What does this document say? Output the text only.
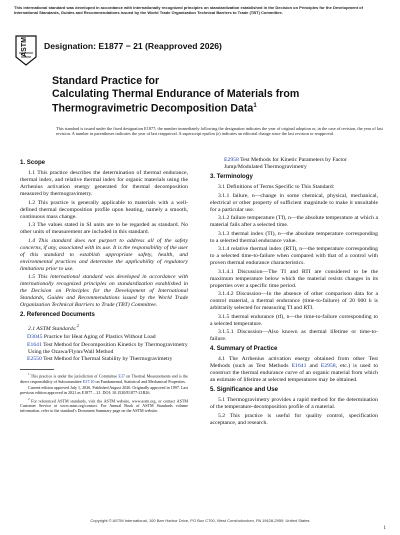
This international standard was developed in accordance with internationally recognized principles on standardization established in the Decision on Principles for the Development of International Standards, Guides and Recommendations issued by the World Trade Organization Technical Barriers to Trade (TBT) Committee.
ASTM Designation: E1877 − 21 (Reapproved 2026)
Standard Practice for
Calculating Thermal Endurance of Materials from
Thermogravimetric Decomposition Data$^1$
This standard is issued under the fixed designation E1877; the number immediately following the designation indicates the year of original adoption or, in the case of revision, the year of last revision. A number in parentheses indicates the year of last reapproval. A superscript epsilon (ε) indicates an editorial change since the last revision or reapproval.
1. Scope

1.1 This practice describes the determination of thermal endurance, thermal index, and relative thermal index for organic materials using the Arrhenius activation energy generated for thermal decomposition measured by thermogravimetry.

1.2 This practice is generally applicable to materials with a well-defined thermal decomposition profile upon heating, namely a smooth, continuous mass change.

1.3 The values stated in SI units are to be regarded as standard. No other units of measurement are included in this standard.

1.4 This standard does not purport to address all of the safety concerns, if any, associated with its use. It is the responsibility of the user of this standard to establish appropriate safety, health, and environmental practices and determine the applicability of regulatory limitations prior to use.

1.5 This international standard was developed in accordance with internationally recognized principles on standardization established in the Decision on Principles for the Development of International Standards, Guides and Recommendations issued by the World Trade Organization Technical Barriers to Trade (TBT) Committee.

2. Referenced Documents

2.1 ASTM Standards:$^2$

D3045 Practice for Heat Aging of Plastics Without Load

E1641 Test Method for Decomposition Kinetics by Thermogravimetry Using the Ozawa/Flynn/Wall Method

E2550 Test Method for Thermal Stability by Thermogravimetry

$^1$ This practice is under the jurisdiction of Committee E37 on Thermal Measurements and is the direct responsibility of Subcommittee E37.10 on Fundamental, Statistical and Mechanical Properties.

Current edition approved July 1, 2026. Published August 2026. Originally approved in 1997. Last previous edition approved in 2021 as E1877 – 21. DOI: 10.1520/E1877-21R26.

$^2$ For referenced ASTM standards, visit the ASTM website, www.astm.org, or contact ASTM Customer Service at www.astm.org/contact. For Annual Book of ASTM Standards volume information, refer to the standard's Document Summary page on the ASTM website.

E2958 Test Methods for Kinetic Parameters by Factor Jump/Modulated Thermogravimetry

3. Terminology

3.1 Definitions of Terms Specific to This Standard:

3.1.1 failure, n—change in some chemical, physical, mechanical, electrical or other property of sufficient magnitude to make it unsuitable for a particular use.

3.1.2 failure temperature (Tf), n—the absolute temperature at which a material fails after a selected time.

3.1.3 thermal index (TI), n—the absolute temperature corresponding to a selected thermal endurance value.

3.1.4 relative thermal index (RTI), n—the temperature corresponding to a selected time-to-failure when compared with that of a control with proven thermal endurance characteristics.

3.1.4.1 Discussion—The TI and RTI are considered to be the maximum temperature below which the material resists changes in its properties over a specific time period.

3.1.4.2 Discussion—In the absence of other comparison data for a control material, a thermal endurance (time-to-failure) of 20 000 h is arbitrarily selected for measuring TI and RTI.

3.1.5 thermal endurance (tf), n—the time-to-failure corresponding to a selected temperature.

3.1.5.1 Discussion—Also known as thermal lifetime or time-to-failure.

4. Summary of Practice

4.1 The Arrhenius activation energy obtained from other Test Methods (such as Test Methods E1641 and E2958, etc.) is used to construct the thermal endurance curve of an organic material from which an estimate of lifetime at selected temperatures may be obtained.

5. Significance and Use

5.1 Thermogravimetry provides a rapid method for the determination of the temperature-decomposition profile of a material.

5.2 This practice is useful for quality control, specification acceptance, and research.

Copyright © ASTM International, 100 Barr Harbor Drive, PO Box C700, West Conshohocken, PA 19428-2959. United States
1
